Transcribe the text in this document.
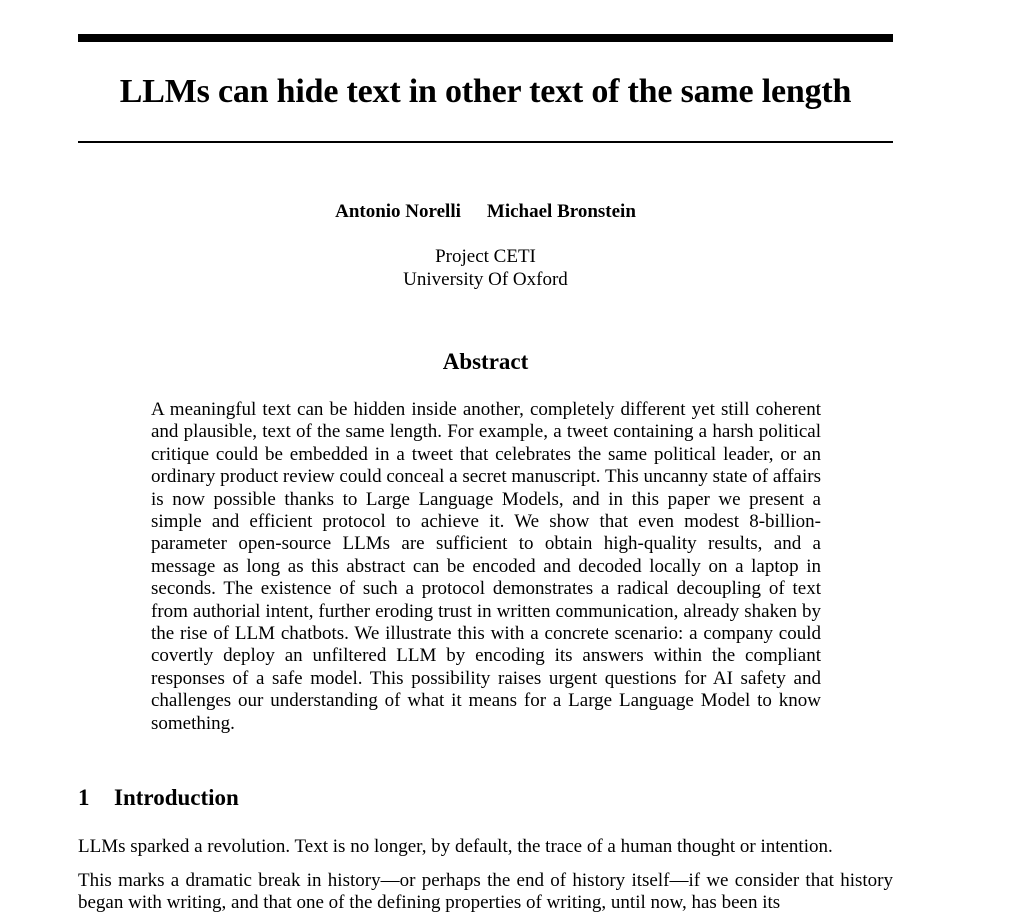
LLMs can hide text in other text of the same length
Antonio Norelli Michael Bronstein
Project CETI
University Of Oxford
Abstract
A meaningful text can be hidden inside another, completely different yet still coherent and plausible, text of the same length. For example, a tweet containing a harsh political critique could be embedded in a tweet that celebrates the same political leader, or an ordinary product review could conceal a secret manuscript. This uncanny state of affairs is now possible thanks to Large Language Models, and in this paper we present a simple and efficient protocol to achieve it. We show that even modest 8-billion-parameter open-source LLMs are sufficient to obtain high-quality results, and a message as long as this abstract can be encoded and decoded locally on a laptop in seconds. The existence of such a protocol demonstrates a radical decoupling of text from authorial intent, further eroding trust in written communication, already shaken by the rise of LLM chatbots. We illustrate this with a concrete scenario: a company could covertly deploy an unfiltered LLM by encoding its answers within the compliant responses of a safe model. This possibility raises urgent questions for AI safety and challenges our understanding of what it means for a Large Language Model to know something.
1 Introduction
LLMs sparked a revolution. Text is no longer, by default, the trace of a human thought or intention.
This marks a dramatic break in history—or perhaps the end of history itself—if we consider that history began with writing, and that one of the defining properties of writing, until now, has been its
